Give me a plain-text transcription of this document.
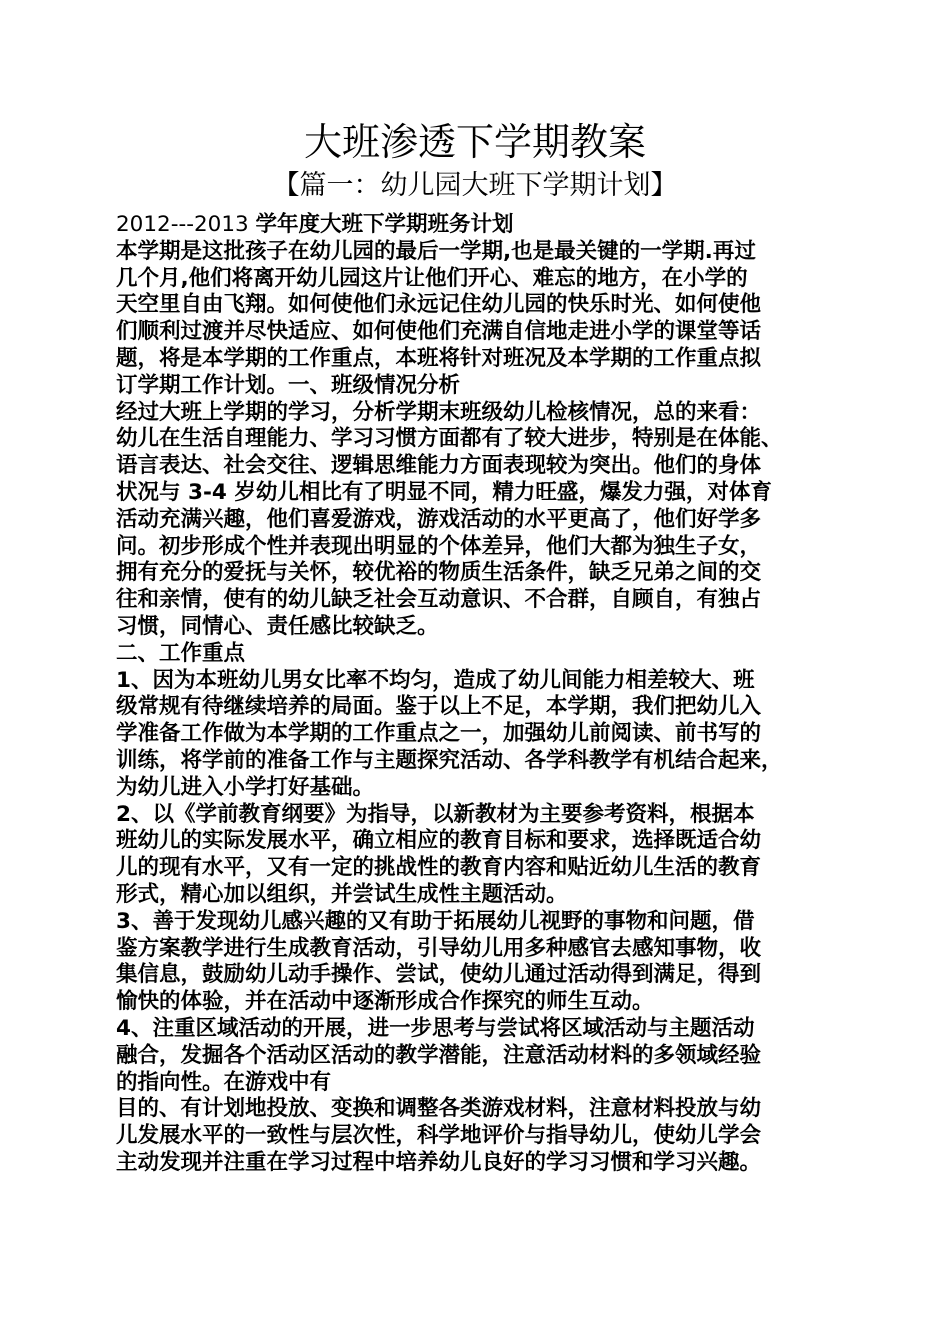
大班渗透下学期教案
【篇一：幼儿园大班下学期计划】
2012---2013 学年度大班下学期班务计划
本学期是这批孩子在幼儿园的最后一学期,也是最关键的一学期.再过
几个月,他们将离开幼儿园这片让他们开心、难忘的地方，在小学的
天空里自由飞翔。如何使他们永远记住幼儿园的快乐时光、如何使他
们顺利过渡并尽快适应、如何使他们充满自信地走进小学的课堂等话
题，将是本学期的工作重点，本班将针对班况及本学期的工作重点拟
订学期工作计划。一、班级情况分析
经过大班上学期的学习，分析学期末班级幼儿检核情况，总的来看：
幼儿在生活自理能力、学习习惯方面都有了较大进步，特别是在体能、
语言表达、社会交往、逻辑思维能力方面表现较为突出。他们的身体
状况与 3-4 岁幼儿相比有了明显不同，精力旺盛，爆发力强，对体育
活动充满兴趣，他们喜爱游戏，游戏活动的水平更高了，他们好学多
问。初步形成个性并表现出明显的个体差异，他们大都为独生子女，
拥有充分的爱抚与关怀，较优裕的物质生活条件，缺乏兄弟之间的交
往和亲情，使有的幼儿缺乏社会互动意识、不合群，自顾自，有独占
习惯，同情心、责任感比较缺乏。
二、工作重点
1、因为本班幼儿男女比率不均匀，造成了幼儿间能力相差较大、班
级常规有待继续培养的局面。鉴于以上不足，本学期，我们把幼儿入
学准备工作做为本学期的工作重点之一，加强幼儿前阅读、前书写的
训练，将学前的准备工作与主题探究活动、各学科教学有机结合起来，
为幼儿进入小学打好基础。
2、以《学前教育纲要》为指导，以新教材为主要参考资料，根据本
班幼儿的实际发展水平，确立相应的教育目标和要求，选择既适合幼
儿的现有水平，又有一定的挑战性的教育内容和贴近幼儿生活的教育
形式，精心加以组织，并尝试生成性主题活动。
3、善于发现幼儿感兴趣的又有助于拓展幼儿视野的事物和问题，借
鉴方案教学进行生成教育活动，引导幼儿用多种感官去感知事物，收
集信息，鼓励幼儿动手操作、尝试，使幼儿通过活动得到满足，得到
愉快的体验，并在活动中逐渐形成合作探究的师生互动。
4、注重区域活动的开展，进一步思考与尝试将区域活动与主题活动
融合，发掘各个活动区活动的教学潜能，注意活动材料的多领域经验
的指向性。在游戏中有
目的、有计划地投放、变换和调整各类游戏材料，注意材料投放与幼
儿发展水平的一致性与层次性，科学地评价与指导幼儿，使幼儿学会
主动发现并注重在学习过程中培养幼儿良好的学习习惯和学习兴趣。
